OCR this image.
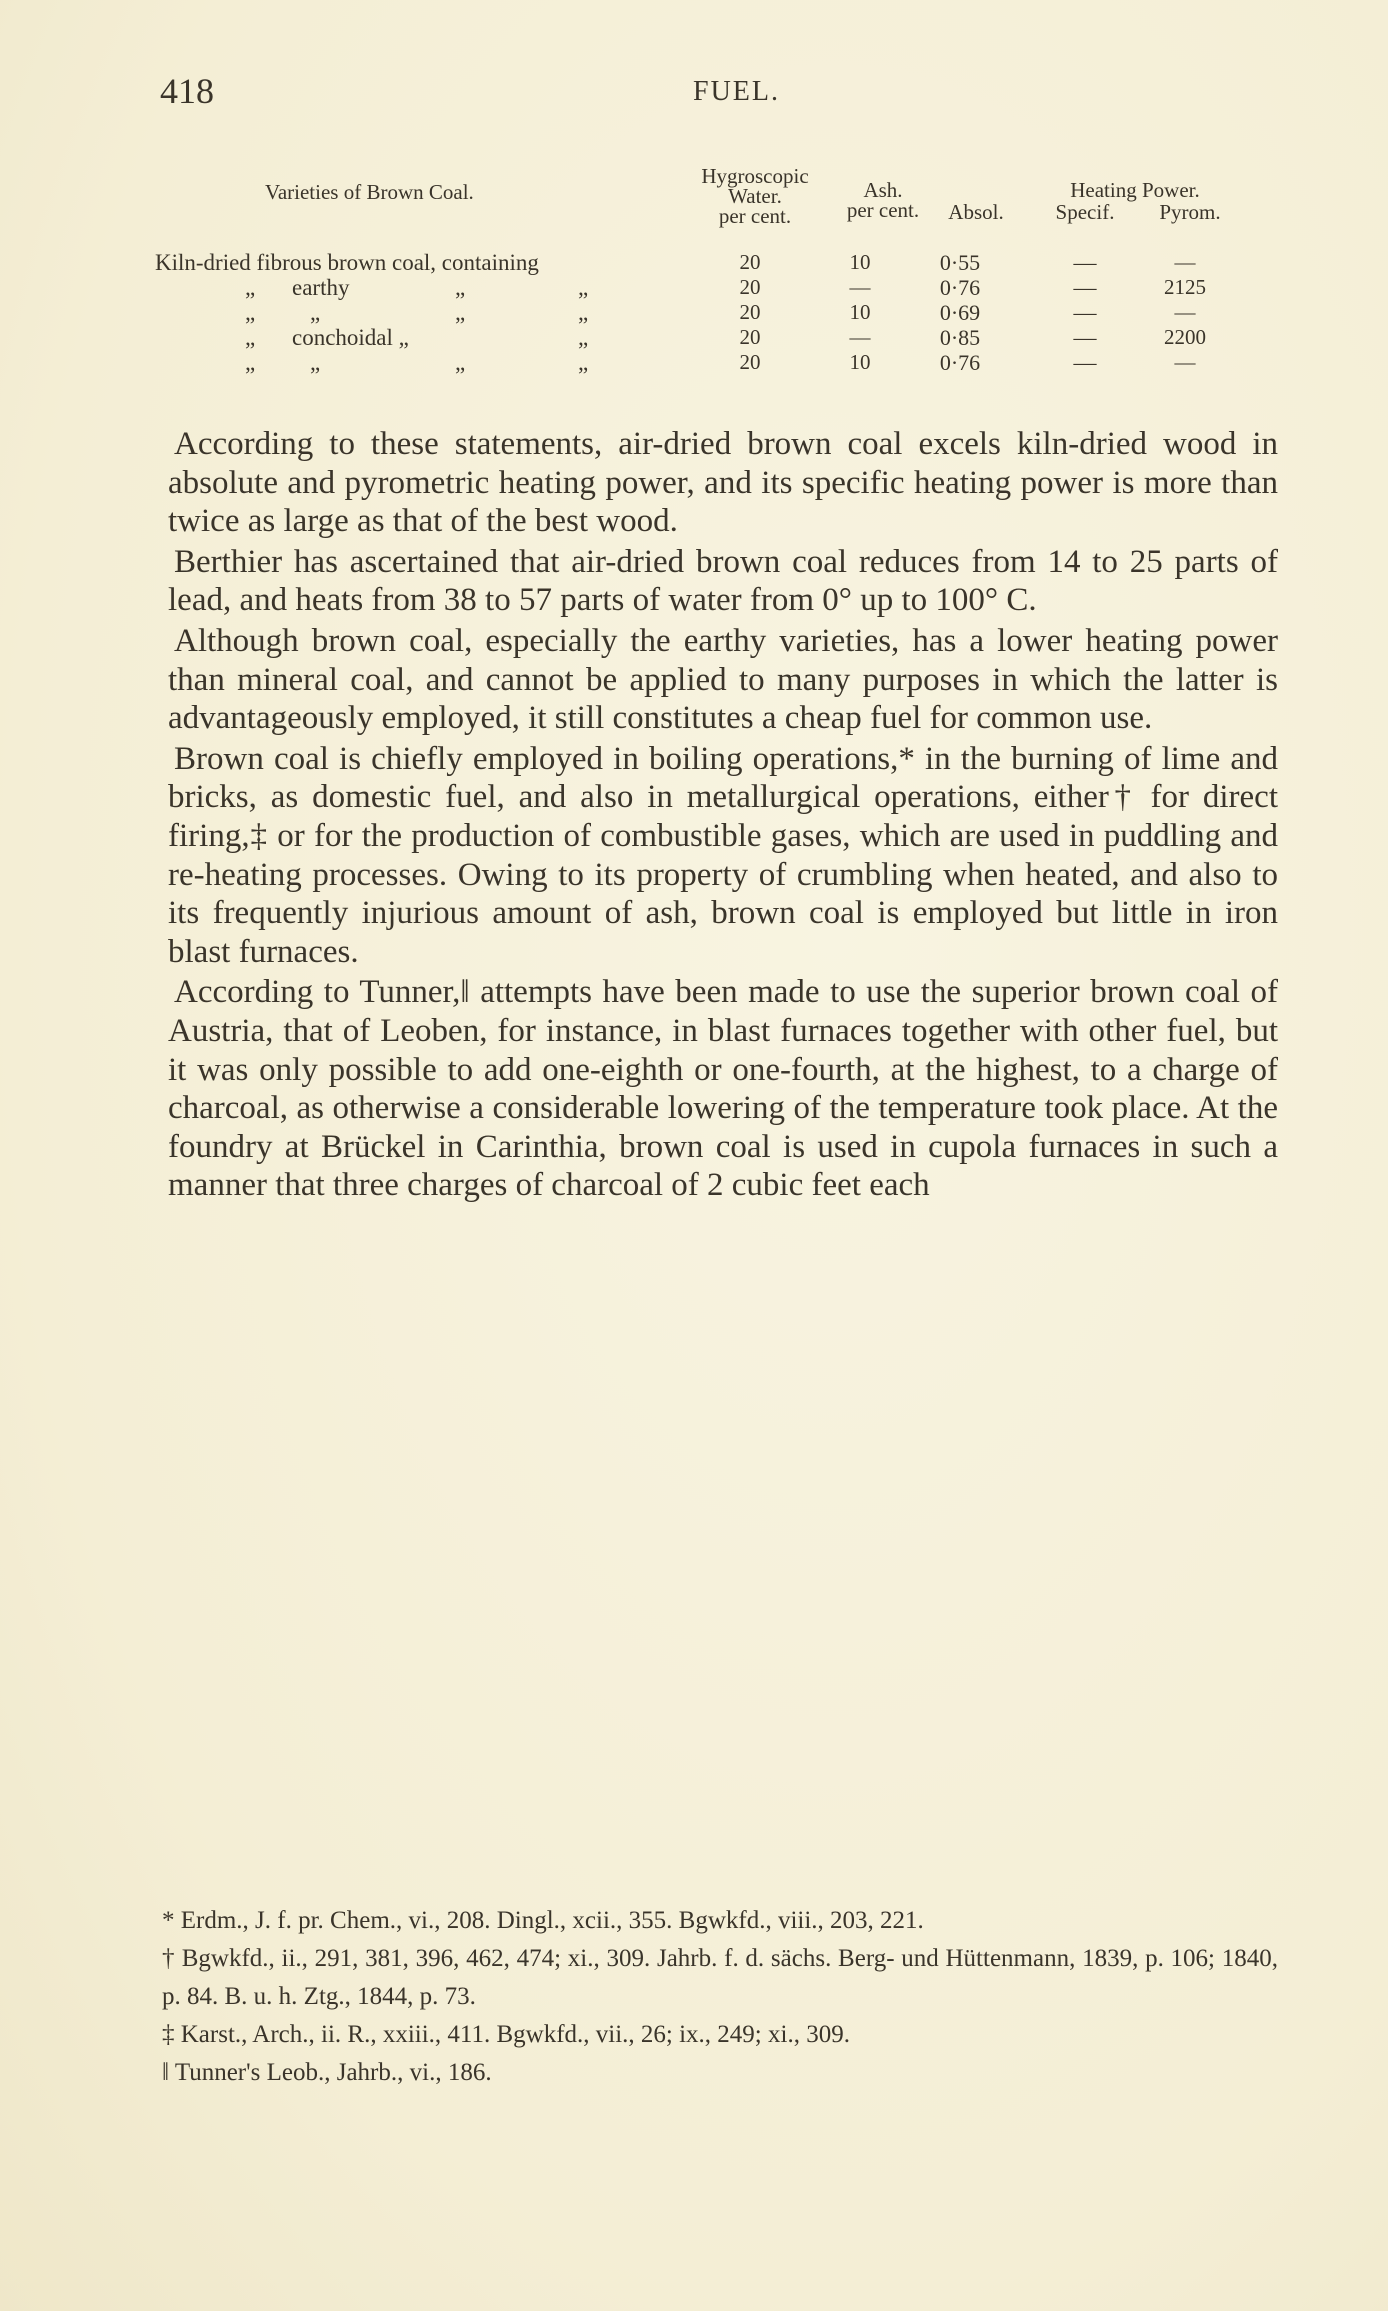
418	FUEL.
Varieties of Brown Coal.
Hygroscopic
Water.
per cent.
Ash.
per cent.
Heating Power.
Absol.	Specif.	Pyrom.
Kiln-dried fibrous brown coal, containing	20	10	0·55	—	—
„ earthy	„	„	20	—	0·76	—	2125
„ „	„	„	20	10	0·69	—	—
„ conchoidal „	„	20	—	0·85	—	2200
„ „	„	„	20	10	0·76	—	—

According to these statements, air-dried brown coal excels kiln-dried wood in absolute and pyrometric heating power, and its specific heating power is more than twice as large as that of the best wood.

Berthier has ascertained that air-dried brown coal reduces from 14 to 25 parts of lead, and heats from 38 to 57 parts of water from 0° up to 100° C.

Although brown coal, especially the earthy varieties, has a lower heating power than mineral coal, and cannot be applied to many purposes in which the latter is advantageously employed, it still constitutes a cheap fuel for common use.

Brown coal is chiefly employed in boiling operations,* in the burning of lime and bricks, as domestic fuel, and also in metallurgical operations, either† for direct firing,‡ or for the production of combustible gases, which are used in puddling and re-heating processes. Owing to its property of crumbling when heated, and also to its frequently injurious amount of ash, brown coal is employed but little in iron blast furnaces.

According to Tunner,‖ attempts have been made to use the superior brown coal of Austria, that of Leoben, for instance, in blast furnaces together with other fuel, but it was only possible to add one-eighth or one-fourth, at the highest, to a charge of charcoal, as otherwise a considerable lowering of the temperature took place. At the foundry at Brückel in Carinthia, brown coal is used in cupola furnaces in such a manner that three charges of charcoal of 2 cubic feet each

* Erdm., J. f. pr. Chem., vi., 208. Dingl., xcii., 355. Bgwkfd., viii., 203, 221.

† Bgwkfd., ii., 291, 381, 396, 462, 474; xi., 309. Jahrb. f. d. sächs. Berg- und Hüttenmann, 1839, p. 106; 1840, p. 84. B. u. h. Ztg., 1844, p. 73.

‡ Karst., Arch., ii. R., xxiii., 411. Bgwkfd., vii., 26; ix., 249; xi., 309.

‖ Tunner's Leob., Jahrb., vi., 186.
